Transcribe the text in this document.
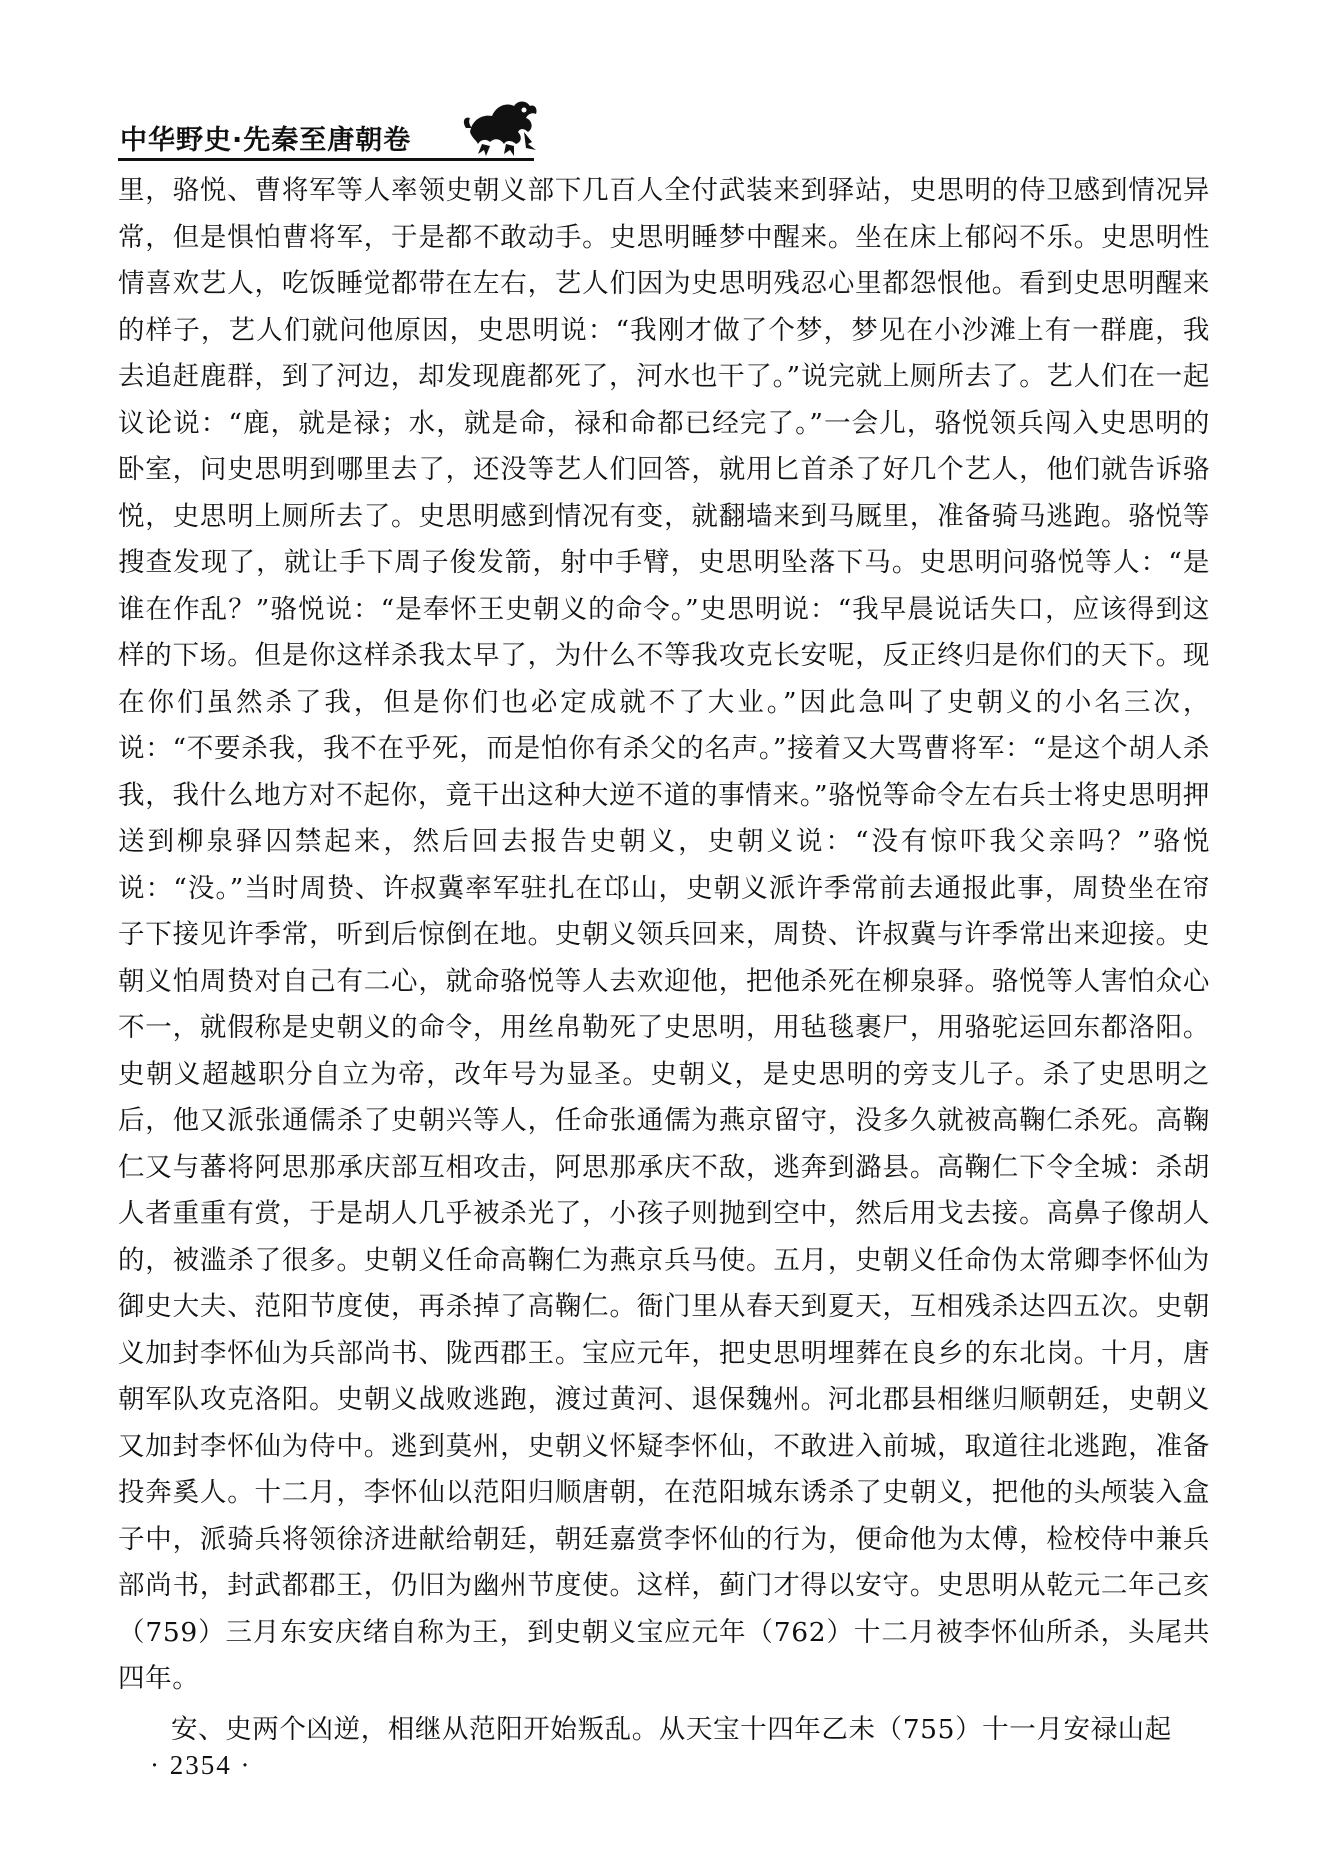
中华野史·先秦至唐朝卷

里，骆悦、曹将军等人率领史朝义部下几百人全付武装来到驿站，史思明的侍卫感到情况异常，但是惧怕曹将军，于是都不敢动手。史思明睡梦中醒来。坐在床上郁闷不乐。史思明性情喜欢艺人，吃饭睡觉都带在左右，艺人们因为史思明残忍心里都怨恨他。看到史思明醒来的样子，艺人们就问他原因，史思明说：“我刚才做了个梦，梦见在小沙滩上有一群鹿，我去追赶鹿群，到了河边，却发现鹿都死了，河水也干了。”说完就上厕所去了。艺人们在一起议论说：“鹿，就是禄；水，就是命，禄和命都已经完了。”一会儿，骆悦领兵闯入史思明的卧室，问史思明到哪里去了，还没等艺人们回答，就用匕首杀了好几个艺人，他们就告诉骆悦，史思明上厕所去了。史思明感到情况有变，就翻墙来到马厩里，准备骑马逃跑。骆悦等搜查发现了，就让手下周子俊发箭，射中手臂，史思明坠落下马。史思明问骆悦等人：“是谁在作乱？”骆悦说：“是奉怀王史朝义的命令。”史思明说：“我早晨说话失口，应该得到这样的下场。但是你这样杀我太早了，为什么不等我攻克长安呢，反正终归是你们的天下。现在你们虽然杀了我，但是你们也必定成就不了大业。”因此急叫了史朝义的小名三次，说：“不要杀我，我不在乎死，而是怕你有杀父的名声。”接着又大骂曹将军：“是这个胡人杀我，我什么地方对不起你，竟干出这种大逆不道的事情来。”骆悦等命令左右兵士将史思明押送到柳泉驿囚禁起来，然后回去报告史朝义，史朝义说：“没有惊吓我父亲吗？”骆悦说：“没。”当时周贽、许叔冀率军驻扎在邙山，史朝义派许季常前去通报此事，周贽坐在帘子下接见许季常，听到后惊倒在地。史朝义领兵回来，周贽、许叔冀与许季常出来迎接。史朝义怕周贽对自己有二心，就命骆悦等人去欢迎他，把他杀死在柳泉驿。骆悦等人害怕众心不一，就假称是史朝义的命令，用丝帛勒死了史思明，用毡毯裹尸，用骆驼运回东都洛阳。史朝义超越职分自立为帝，改年号为显圣。史朝义，是史思明的旁支儿子。杀了史思明之后，他又派张通儒杀了史朝兴等人，任命张通儒为燕京留守，没多久就被高鞠仁杀死。高鞠仁又与蕃将阿思那承庆部互相攻击，阿思那承庆不敌，逃奔到潞县。高鞠仁下令全城：杀胡人者重重有赏，于是胡人几乎被杀光了，小孩子则抛到空中，然后用戈去接。高鼻子像胡人的，被滥杀了很多。史朝义任命高鞠仁为燕京兵马使。五月，史朝义任命伪太常卿李怀仙为御史大夫、范阳节度使，再杀掉了高鞠仁。衙门里从春天到夏天，互相残杀达四五次。史朝义加封李怀仙为兵部尚书、陇西郡王。宝应元年，把史思明埋葬在良乡的东北岗。十月，唐朝军队攻克洛阳。史朝义战败逃跑，渡过黄河、退保魏州。河北郡县相继归顺朝廷，史朝义又加封李怀仙为侍中。逃到莫州，史朝义怀疑李怀仙，不敢进入前城，取道往北逃跑，准备投奔奚人。十二月，李怀仙以范阳归顺唐朝，在范阳城东诱杀了史朝义，把他的头颅装入盒子中，派骑兵将领徐济进献给朝廷，朝廷嘉赏李怀仙的行为，便命他为太傅，检校侍中兼兵部尚书，封武都郡王，仍旧为幽州节度使。这样，蓟门才得以安守。史思明从乾元二年己亥（759）三月东安庆绪自称为王，到史朝义宝应元年（762）十二月被李怀仙所杀，头尾共四年。

安、史两个凶逆，相继从范阳开始叛乱。从天宝十四年乙未（755）十一月安禄山起

· 2354 ·
